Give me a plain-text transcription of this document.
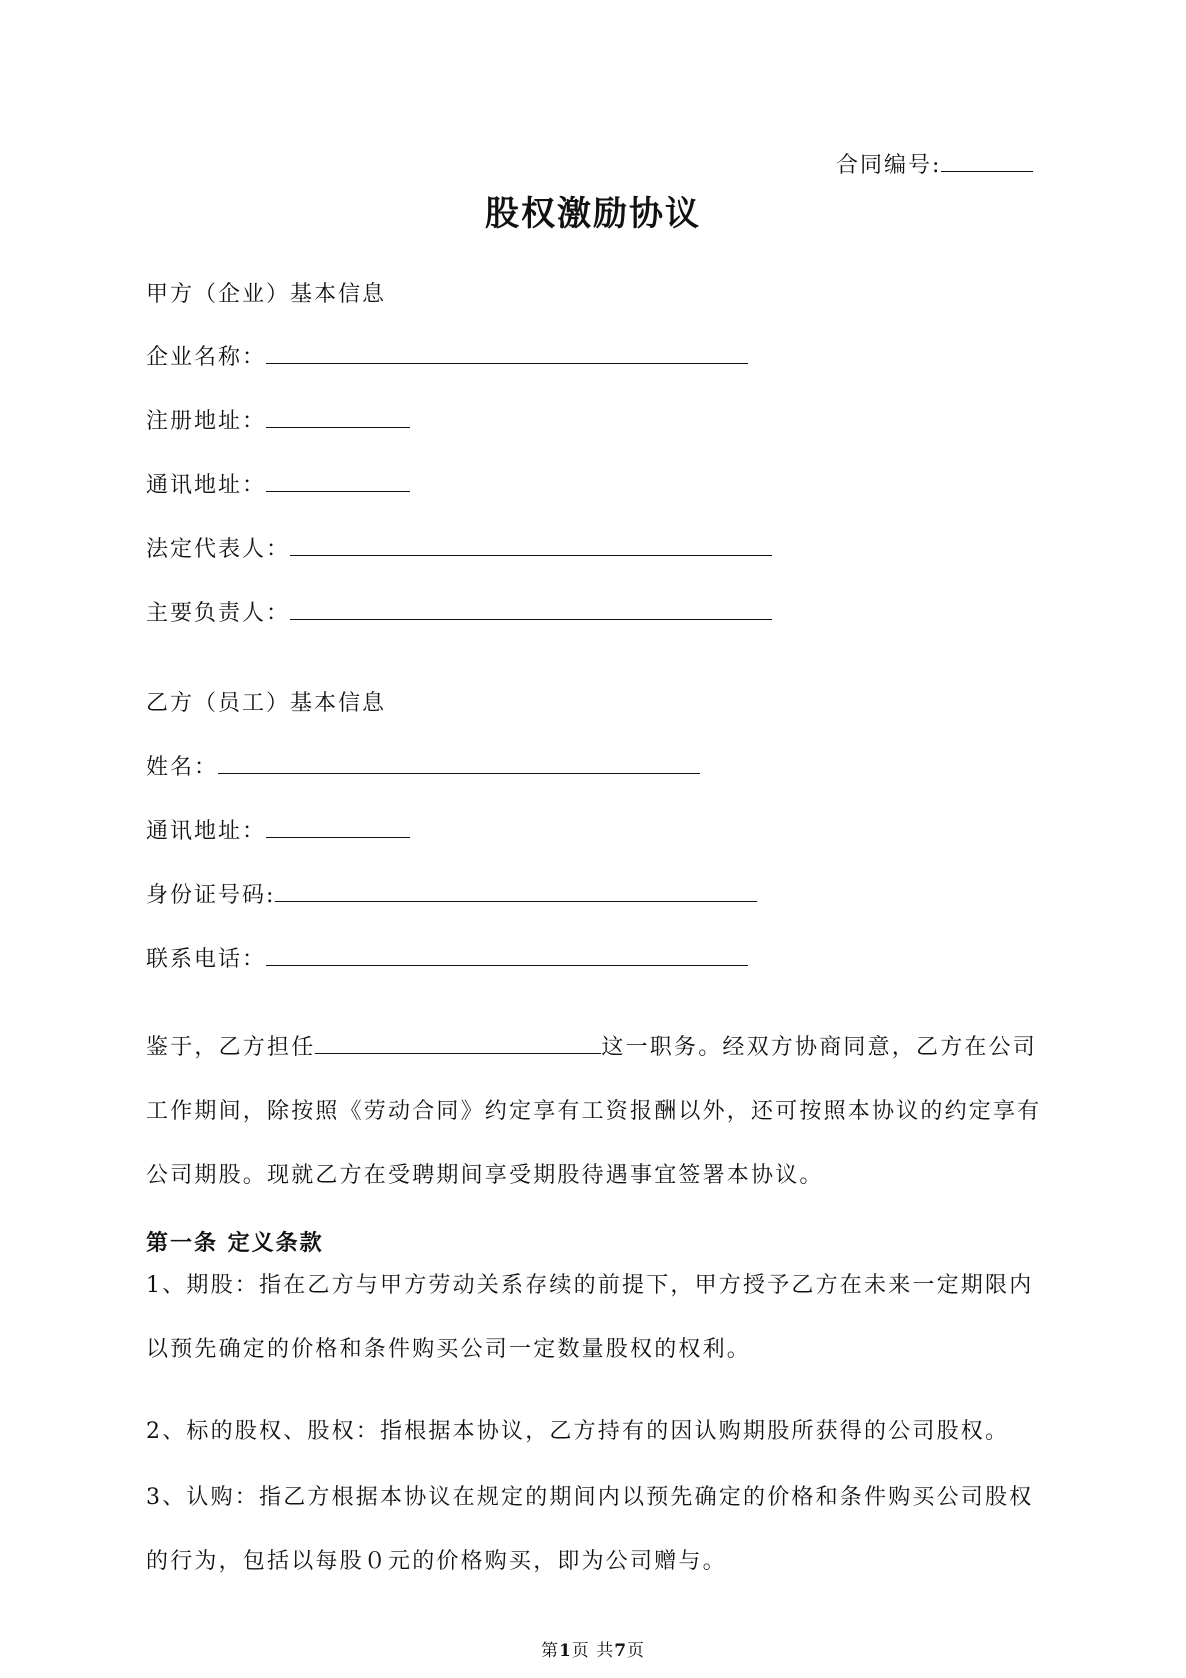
合同编号:
股权激励协议
甲方（企业）基本信息
企业名称：
注册地址：
通讯地址：
法定代表人：
主要负责人：
乙方（员工）基本信息
姓名：
通讯地址：
身份证号码:
联系电话：
鉴于，乙方担任	这一职务。经双方协商同意，乙方在公司
工作期间，除按照《劳动合同》约定享有工资报酬以外，还可按照本协议的约定享有
公司期股。现就乙方在受聘期间享受期股待遇事宜签署本协议。
第一条 定义条款
1、期股：指在乙方与甲方劳动关系存续的前提下，甲方授予乙方在未来一定期限内
以预先确定的价格和条件购买公司一定数量股权的权利。
2、标的股权、股权：指根据本协议，乙方持有的因认购期股所获得的公司股权。
3、认购：指乙方根据本协议在规定的期间内以预先确定的价格和条件购买公司股权
的行为，包括以每股０元的价格购买，即为公司赠与。
第1页 共7页
